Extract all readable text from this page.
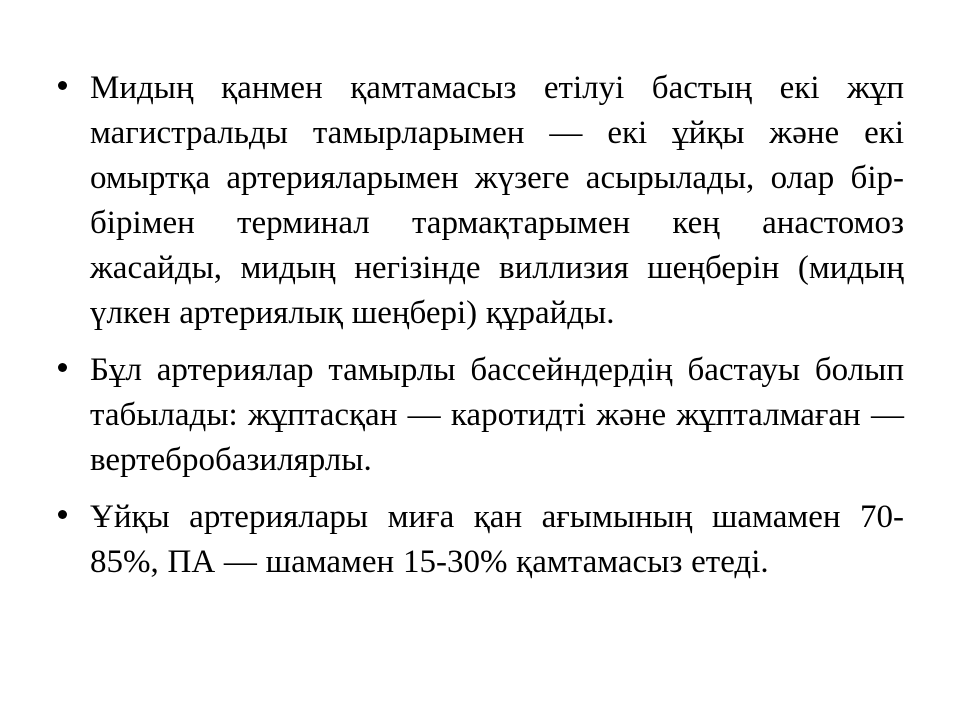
Мидың қанмен қамтамасыз етілуі бастың екі жұп магистральды тамырларымен — екі ұйқы және екі омыртқа артерияларымен жүзеге асырылады, олар бір-бірімен терминал тармақтарымен кең анастомоз жасайды, мидың негізінде виллизия шеңберін (мидың үлкен артериялық шеңбері) құрайды.
Бұл артериялар тамырлы бассейндердің бастауы болып табылады: жұптасқан — каротидті және жұпталмаған — вертебробазилярлы.
Ұйқы артериялары миға қан ағымының шамамен 70-85%, ПА — шамамен 15-30% қамтамасыз етеді.
